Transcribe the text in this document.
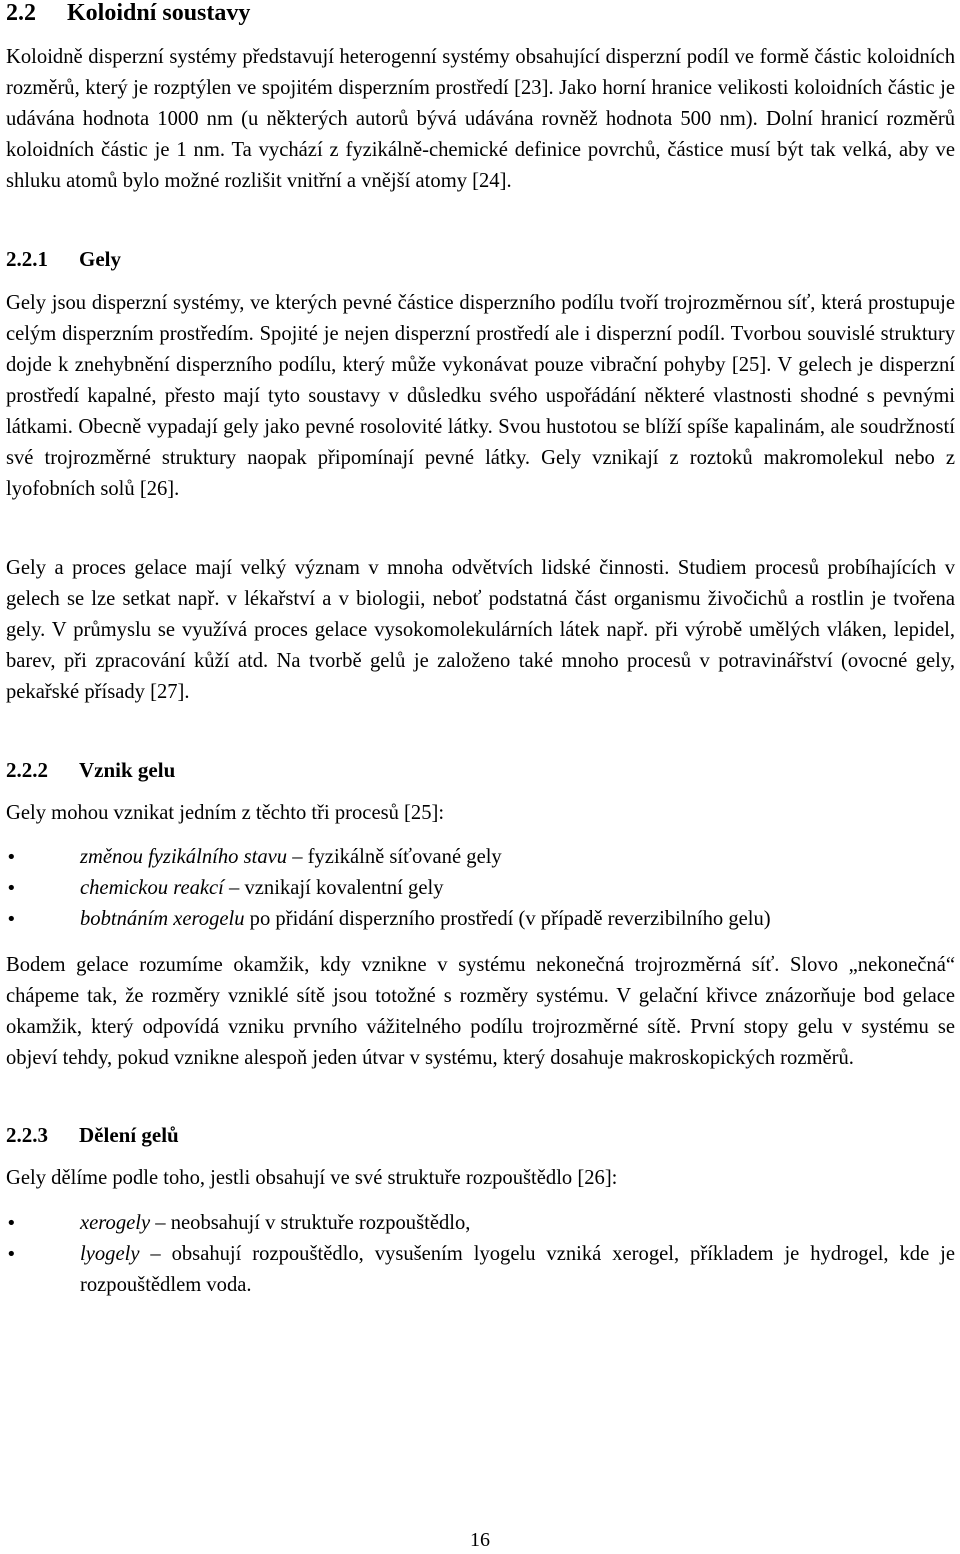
2.2 Koloidní soustavy

Koloidně disperzní systémy představují heterogenní systémy obsahující disperzní podíl ve formě částic koloidních rozměrů, který je rozptýlen ve spojitém disperzním prostředí [23]. Jako horní hranice velikosti koloidních částic je udávána hodnota 1000 nm (u některých autorů bývá udávána rovněž hodnota 500 nm). Dolní hranicí rozměrů koloidních částic je 1 nm. Ta vychází z fyzikálně-chemické definice povrchů, částice musí být tak velká, aby ve shluku atomů bylo možné rozlišit vnitřní a vnější atomy [24].

2.2.1 Gely

Gely jsou disperzní systémy, ve kterých pevné částice disperzního podílu tvoří trojrozměrnou síť, která prostupuje celým disperzním prostředím. Spojité je nejen disperzní prostředí ale i disperzní podíl. Tvorbou souvislé struktury dojde k znehybnění disperzního podílu, který může vykonávat pouze vibrační pohyby [25]. V gelech je disperzní prostředí kapalné, přesto mají tyto soustavy v důsledku svého uspořádání některé vlastnosti shodné s pevnými látkami. Obecně vypadají gely jako pevné rosolovité látky. Svou hustotou se blíží spíše kapalinám, ale soudržností své trojrozměrné struktury naopak připomínají pevné látky. Gely vznikají z roztoků makromolekul nebo z lyofobních solů [26].

Gely a proces gelace mají velký význam v mnoha odvětvích lidské činnosti. Studiem procesů probíhajících v gelech se lze setkat např. v lékařství a v biologii, neboť podstatná část organismu živočichů a rostlin je tvořena gely. V průmyslu se využívá proces gelace vysokomolekulárních látek např. při výrobě umělých vláken, lepidel, barev, při zpracování kůží atd. Na tvorbě gelů je založeno také mnoho procesů v potravinářství (ovocné gely, pekařské přísady [27].

2.2.2 Vznik gelu

Gely mohou vznikat jedním z těchto tři procesů [25]:

• změnou fyzikálního stavu – fyzikálně síťované gely
• chemickou reakcí – vznikají kovalentní gely
• bobtnáním xerogelu po přidání disperzního prostředí (v případě reverzibilního gelu)

Bodem gelace rozumíme okamžik, kdy vznikne v systému nekonečná trojrozměrná síť. Slovo „nekonečná“ chápeme tak, že rozměry vzniklé sítě jsou totožné s rozměry systému. V gelační křivce znázorňuje bod gelace okamžik, který odpovídá vzniku prvního vážitelného podílu trojrozměrné sítě. První stopy gelu v systému se objeví tehdy, pokud vznikne alespoň jeden útvar v systému, který dosahuje makroskopických rozměrů.

2.2.3 Dělení gelů

Gely dělíme podle toho, jestli obsahují ve své struktuře rozpouštědlo [26]:

• xerogely – neobsahují v struktuře rozpouštědlo,
• lyogely – obsahují rozpouštědlo, vysušením lyogelu vzniká xerogel, příkladem je hydrogel, kde je rozpouštědlem voda.
16
